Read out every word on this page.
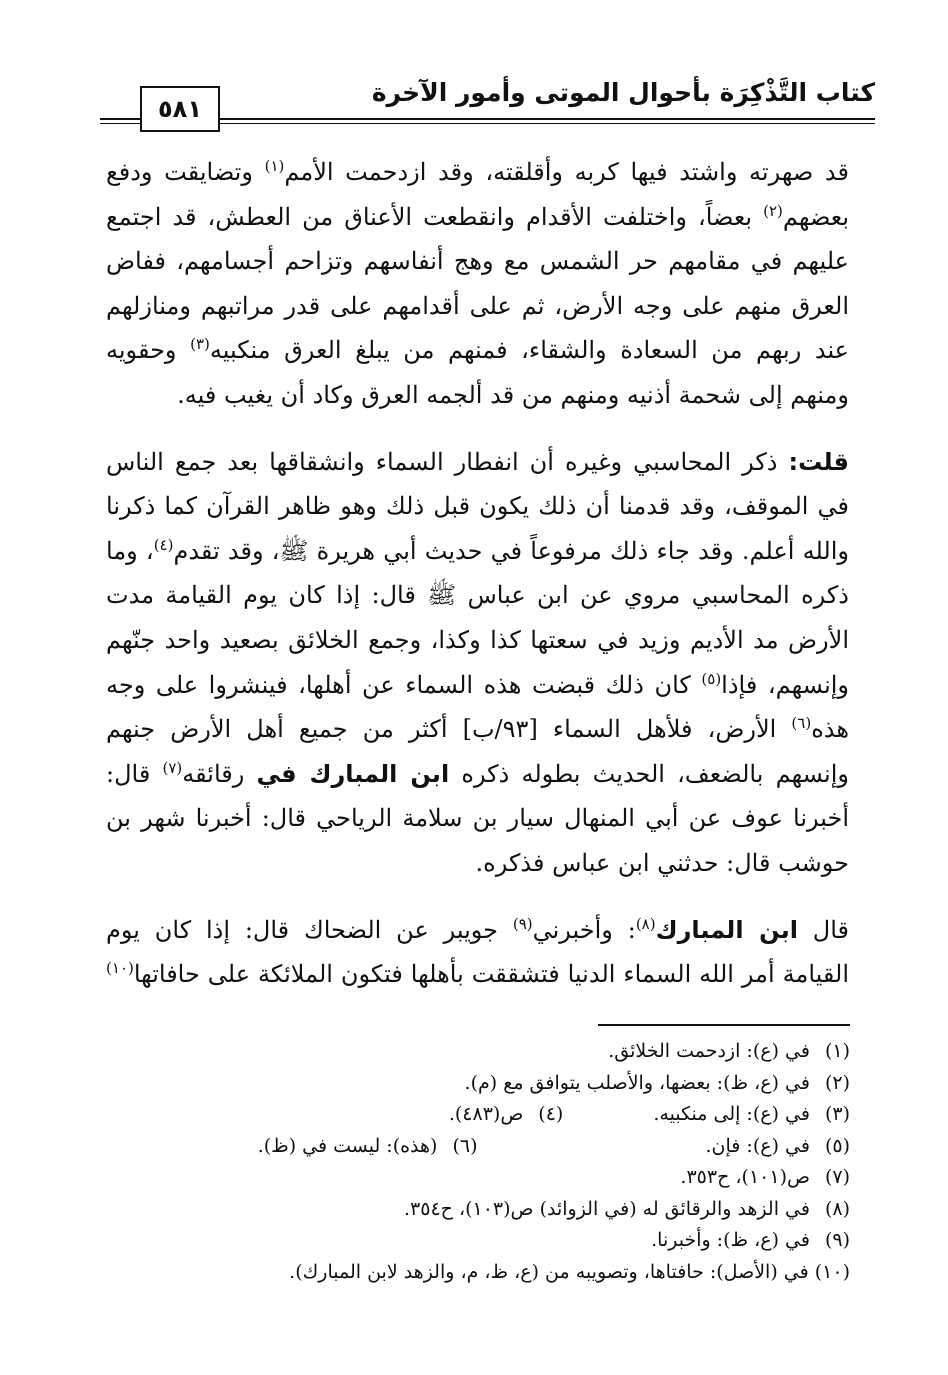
كتاب التَّذْكِرَة بأحوال الموتى وأمور الآخرة
٥٨١

قد صهرته واشتد فيها كربه وأقلقته، وقد ازدحمت الأمم$^{(١)}$ وتضايقت ودفع بعضهم$^{(٢)}$ بعضاً، واختلفت الأقدام وانقطعت الأعناق من العطش، قد اجتمع عليهم في مقامهم حر الشمس مع وهج أنفاسهم وتزاحم أجسامهم، ففاض العرق منهم على وجه الأرض، ثم على أقدامهم على قدر مراتبهم ومنازلهم عند ربهم من السعادة والشقاء، فمنهم من يبلغ العرق منكبيه$^{(٣)}$ وحقويه ومنهم إلى شحمة أذنيه ومنهم من قد ألجمه العرق وكاد أن يغيب فيه.

قلت: ذكر المحاسبي وغيره أن انفطار السماء وانشقاقها بعد جمع الناس في الموقف، وقد قدمنا أن ذلك يكون قبل ذلك وهو ظاهر القرآن كما ذكرنا والله أعلم. وقد جاء ذلك مرفوعاً في حديث أبي هريرة ﷺ، وقد تقدم$^{(٤)}$، وما ذكره المحاسبي مروي عن ابن عباس ﷺ قال: إذا كان يوم القيامة مدت الأرض مد الأديم وزيد في سعتها كذا وكذا، وجمع الخلائق بصعيد واحد جنّهم وإنسهم، فإذا$^{(٥)}$ كان ذلك قبضت هذه السماء عن أهلها، فينشروا على وجه هذه$^{(٦)}$ الأرض، فلأهل السماء [٩٣/ب] أكثر من جميع أهل الأرض جنهم وإنسهم بالضعف، الحديث بطوله ذكره ابن المبارك في رقائقه$^{(٧)}$ قال: أخبرنا عوف عن أبي المنهال سيار بن سلامة الرياحي قال: أخبرنا شهر بن حوشب قال: حدثني ابن عباس فذكره.

قال ابن المبارك$^{(٨)}$: وأخبرني$^{(٩)}$ جويبر عن الضحاك قال: إذا كان يوم القيامة أمر الله السماء الدنيا فتشققت بأهلها فتكون الملائكة على حافاتها$^{(١٠)}$

(١) في (ع): ازدحمت الخلائق.
(٢) في (ع، ظ): بعضها، والأصلب يتوافق مع (م).
(٣) في (ع): إلى منكبيه.(٤) ص(٤٨٣).
(٥) في (ع): فإن.(٦) (هذه): ليست في (ظ).
(٧) ص(١٠١)، ح٣٥٣.
(٨) في الزهد والرقائق له (في الزوائد) ص(١٠٣)، ح٣٥٤.
(٩) في (ع، ظ): وأخبرنا.
(١٠) في (الأصل): حافتاها، وتصويبه من (ع، ظ، م، والزهد لابن المبارك).
